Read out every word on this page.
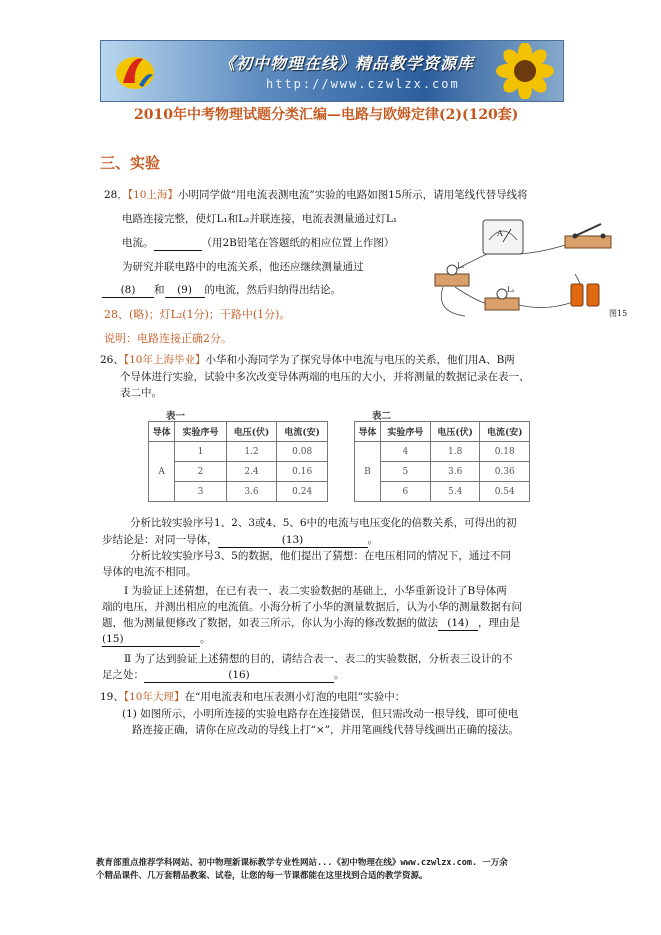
《初中物理在线》精品教学资源库
http://www.czwlzx.com
2010年中考物理试题分类汇编—电路与欧姆定律(2)(120套)
三、实验
28．【10上海】小明同学做“用电流表测电流”实验的电路如图15所示，请用笔线代替导线将
电路连接完整，使灯L₁和L₂并联连接，电流表测量通过灯L₁
电流。	（用2B铅笔在答题纸的相应位置上作图）
为研究并联电路中的电流关系，他还应继续测量通过
(8) 和 (9) 的电流，然后归纳得出结论。
28、(略)；灯L₂(1分)；干路中(1分)。
说明：电路连接正确2分。
A
L₁
L₂
图15
26、【10年上海毕业】小华和小海同学为了探究导体中电流与电压的关系，他们用A、B两
个导体进行实验，试验中多次改变导体两端的电压的大小，并将测量的数据记录在表一、
表二中。
表一
导体	实验序号	电压(伏)	电流(安)
A	1	1.2	0.08
	2	2.4	0.16
	3	3.6	0.24
表二
导体	实验序号	电压(伏)	电流(安)
B	4	1.8	0.18
	5	3.6	0.36
	6	5.4	0.54
分析比较实验序号1、2、3或4、5、6中的电流与电压变化的倍数关系，可得出的初
步结论是：对同一导体，	(13)	。
分析比较实验序号3、5的数据，他们提出了猜想：在电压相同的情况下，通过不同
导体的电流不相同。
Ⅰ 为验证上述猜想，在已有表一、表二实验数据的基础上，小华重新设计了B导体两
端的电压，并测出相应的电流值。小海分析了小华的测量数据后，认为小华的测量数据有问
题，他为测量便修改了数据，如表三所示，你认为小海的修改数据的做法 (14) ，理由是
(15)	。
Ⅱ 为了达到验证上述猜想的目的，请结合表一、表二的实验数据，分析表三设计的不
足之处：	(16)	。
19、【10年大理】在“用电流表和电压表测小灯泡的电阻”实验中：
(1) 如图所示，小明所连接的实验电路存在连接错误，但只需改动一根导线，即可使电
路连接正确，请你在应改动的导线上打“×”，并用笔画线代替导线画出正确的接法。
教育部重点推荐学科网站、初中物理新课标教学专业性网站...《初中物理在线》www.czwlzx.com. 一万余
个精品课件、几万套精品教案、试卷，让您的每一节课都能在这里找到合适的教学资源。
